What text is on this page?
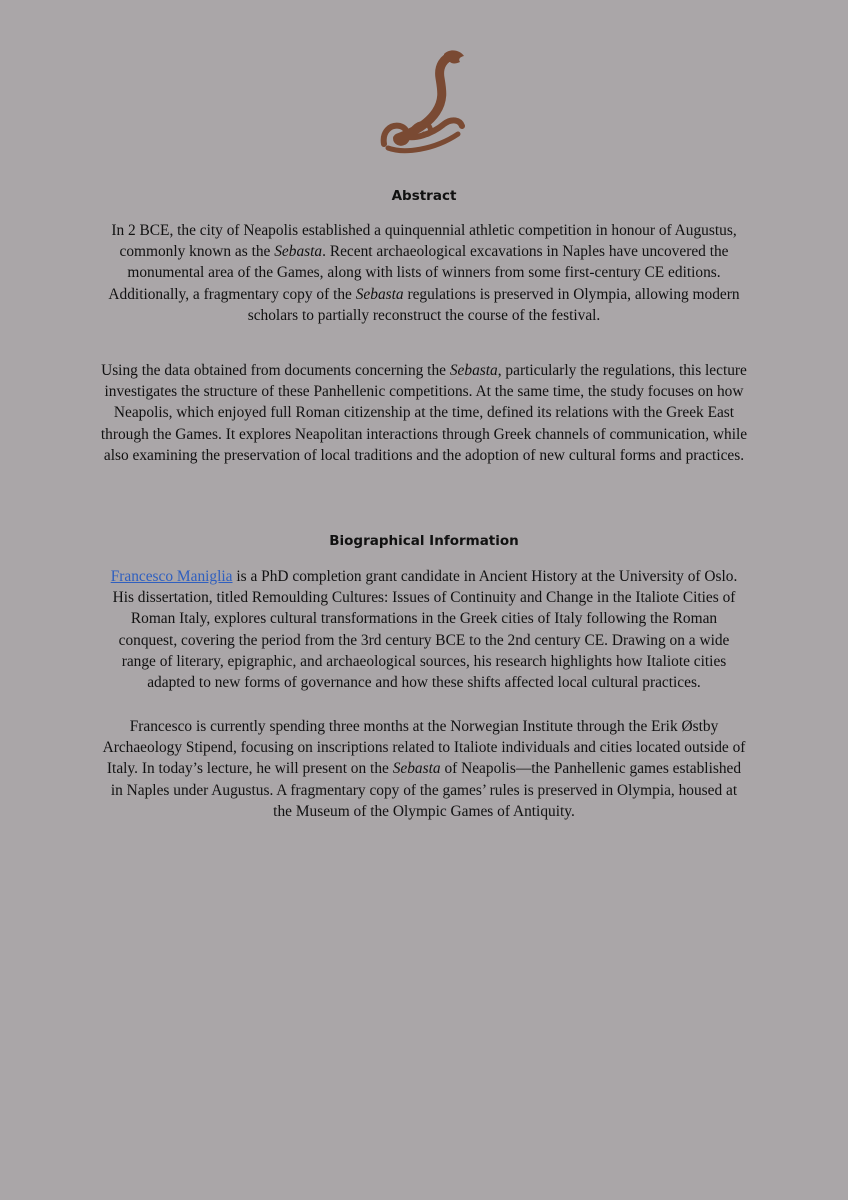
Abstract

In 2 BCE, the city of Neapolis established a quinquennial athletic competition in honour of Augustus, commonly known as the Sebasta. Recent archaeological excavations in Naples have uncovered the monumental area of the Games, along with lists of winners from some first-century CE editions. Additionally, a fragmentary copy of the Sebasta regulations is preserved in Olympia, allowing modern scholars to partially reconstruct the course of the festival.

Using the data obtained from documents concerning the Sebasta, particularly the regulations, this lecture investigates the structure of these Panhellenic competitions. At the same time, the study focuses on how Neapolis, which enjoyed full Roman citizenship at the time, defined its relations with the Greek East through the Games. It explores Neapolitan interactions through Greek channels of communication, while also examining the preservation of local traditions and the adoption of new cultural forms and practices.

Biographical Information

Francesco Maniglia is a PhD completion grant candidate in Ancient History at the University of Oslo. His dissertation, titled Remoulding Cultures: Issues of Continuity and Change in the Italiote Cities of Roman Italy, explores cultural transformations in the Greek cities of Italy following the Roman conquest, covering the period from the 3rd century BCE to the 2nd century CE. Drawing on a wide range of literary, epigraphic, and archaeological sources, his research highlights how Italiote cities adapted to new forms of governance and how these shifts affected local cultural practices.

Francesco is currently spending three months at the Norwegian Institute through the Erik Østby Archaeology Stipend, focusing on inscriptions related to Italiote individuals and cities located outside of Italy. In today’s lecture, he will present on the Sebasta of Neapolis—the Panhellenic games established in Naples under Augustus. A fragmentary copy of the games’ rules is preserved in Olympia, housed at the Museum of the Olympic Games of Antiquity.
